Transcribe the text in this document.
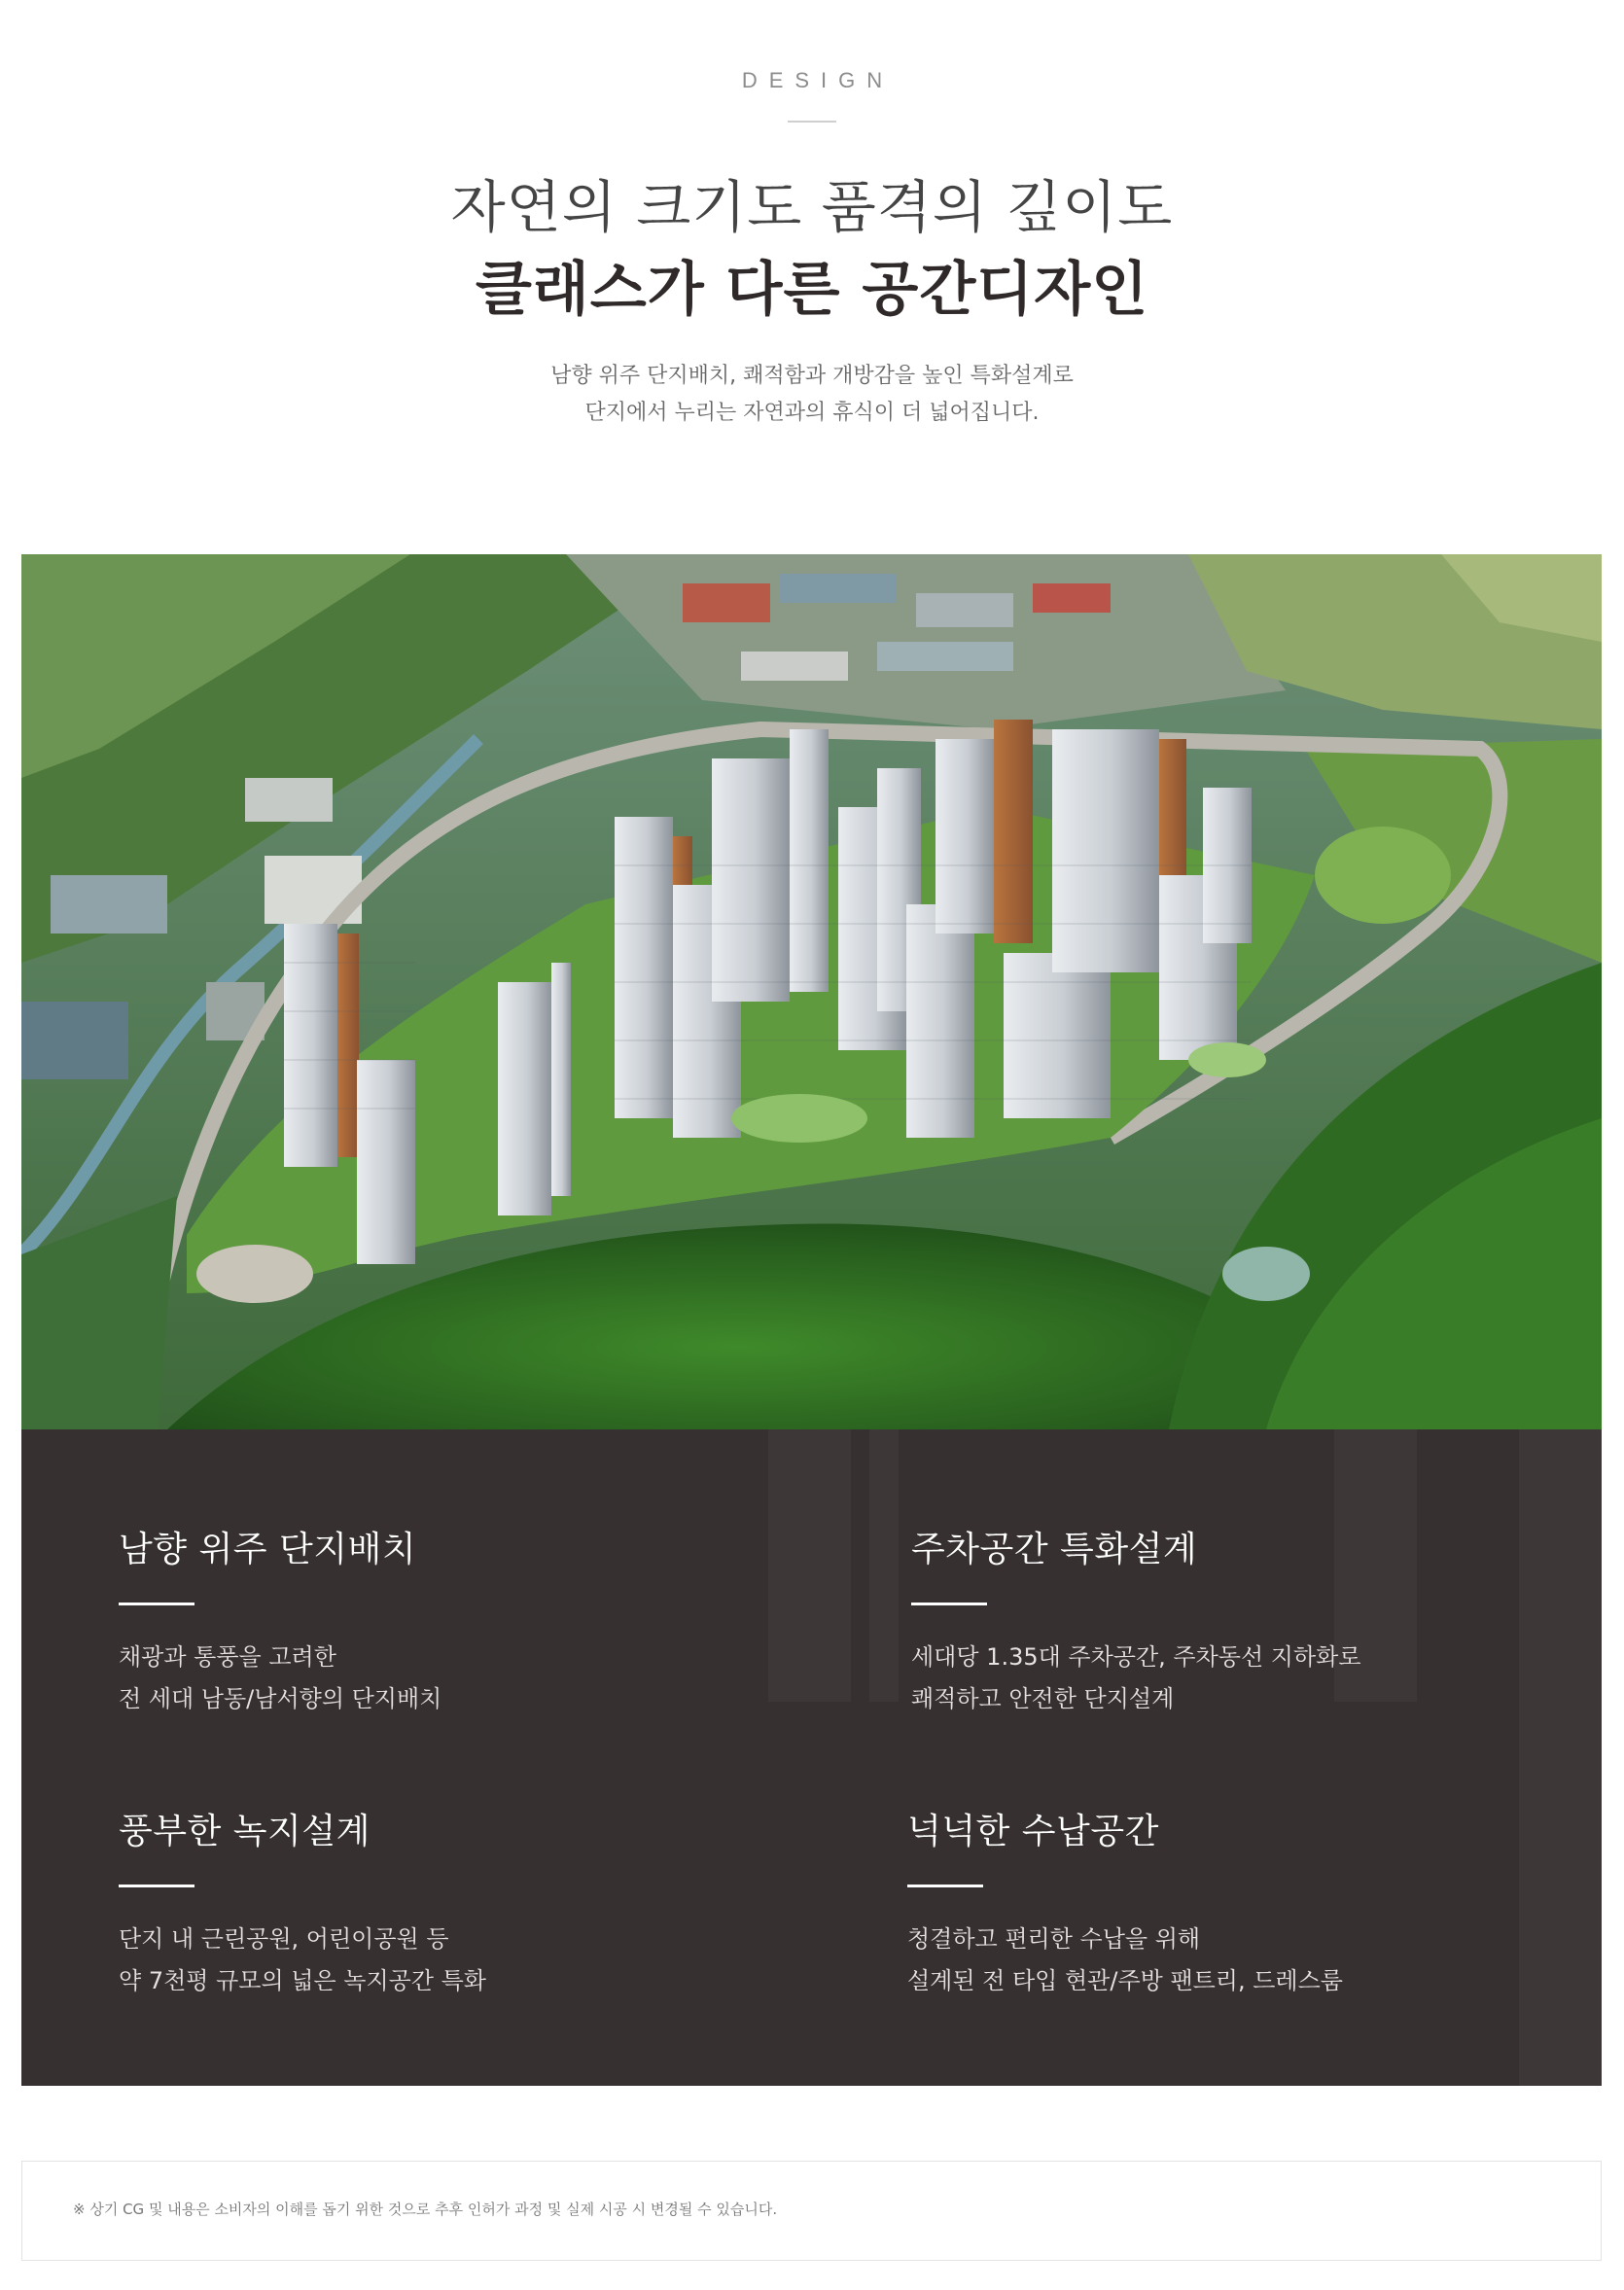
DESIGN
자연의 크기도 품격의 깊이도
클래스가 다른 공간디자인
남향 위주 단지배치, 쾌적함과 개방감을 높인 특화설계로
단지에서 누리는 자연과의 휴식이 더 넓어집니다.
남향 위주 단지배치

채광과 통풍을 고려한

전 세대 남동/남서향의 단지배치

주차공간 특화설계

세대당 1.35대 주차공간, 주차동선 지하화로

쾌적하고 안전한 단지설계

풍부한 녹지설계

단지 내 근린공원, 어린이공원 등

약 7천평 규모의 넓은 녹지공간 특화

넉넉한 수납공간

청결하고 편리한 수납을 위해

설계된 전 타입 현관/주방 팬트리, 드레스룸

※ 상기 CG 및 내용은 소비자의 이해를 돕기 위한 것으로 추후 인허가 과정 및 실제 시공 시 변경될 수 있습니다.
